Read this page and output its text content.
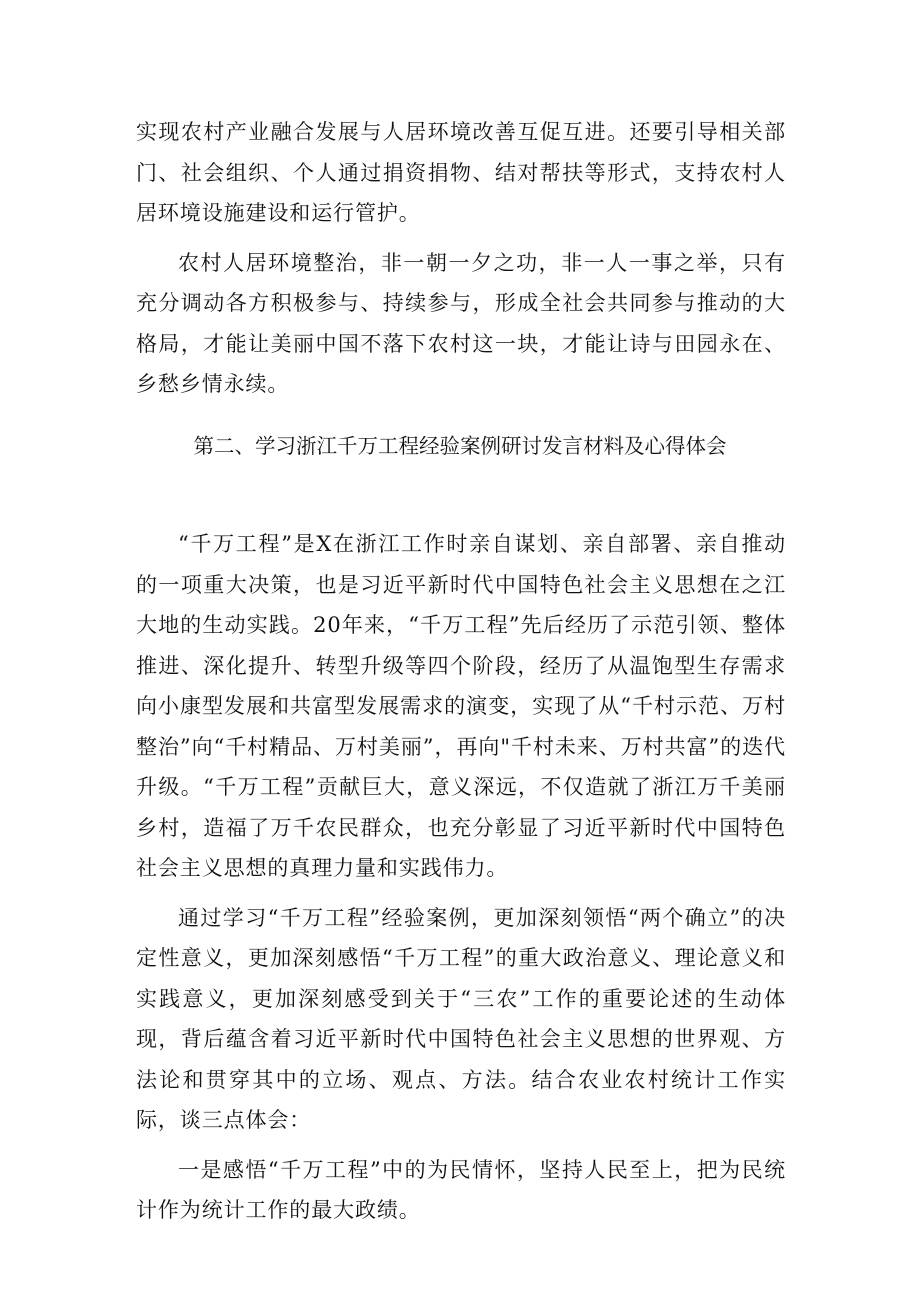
实现农村产业融合发展与人居环境改善互促互进。还要引导相关部门、社会组织、个人通过捐资捐物、结对帮扶等形式，支持农村人居环境设施建设和运行管护。

农村人居环境整治，非一朝一夕之功，非一人一事之举，只有充分调动各方积极参与、持续参与，形成全社会共同参与推动的大格局，才能让美丽中国不落下农村这一块，才能让诗与田园永在、乡愁乡情永续。

第二、学习浙江千万工程经验案例研讨发言材料及心得体会

“千万工程”是X在浙江工作时亲自谋划、亲自部署、亲自推动的一项重大决策，也是习近平新时代中国特色社会主义思想在之江大地的生动实践。20年来，“千万工程”先后经历了示范引领、整体推进、深化提升、转型升级等四个阶段，经历了从温饱型生存需求向小康型发展和共富型发展需求的演变，实现了从“千村示范、万村整治”向“千村精品、万村美丽”，再向"千村未来、万村共富”的迭代升级。“千万工程”贡献巨大，意义深远，不仅造就了浙江万千美丽乡村，造福了万千农民群众，也充分彰显了习近平新时代中国特色社会主义思想的真理力量和实践伟力。

通过学习“千万工程”经验案例，更加深刻领悟“两个确立”的决定性意义，更加深刻感悟“千万工程”的重大政治意义、理论意义和实践意义，更加深刻感受到关于“三农”工作的重要论述的生动体现，背后蕴含着习近平新时代中国特色社会主义思想的世界观、方法论和贯穿其中的立场、观点、方法。结合农业农村统计工作实际，谈三点体会：

一是感悟“千万工程”中的为民情怀，坚持人民至上，把为民统计作为统计工作的最大政绩。
